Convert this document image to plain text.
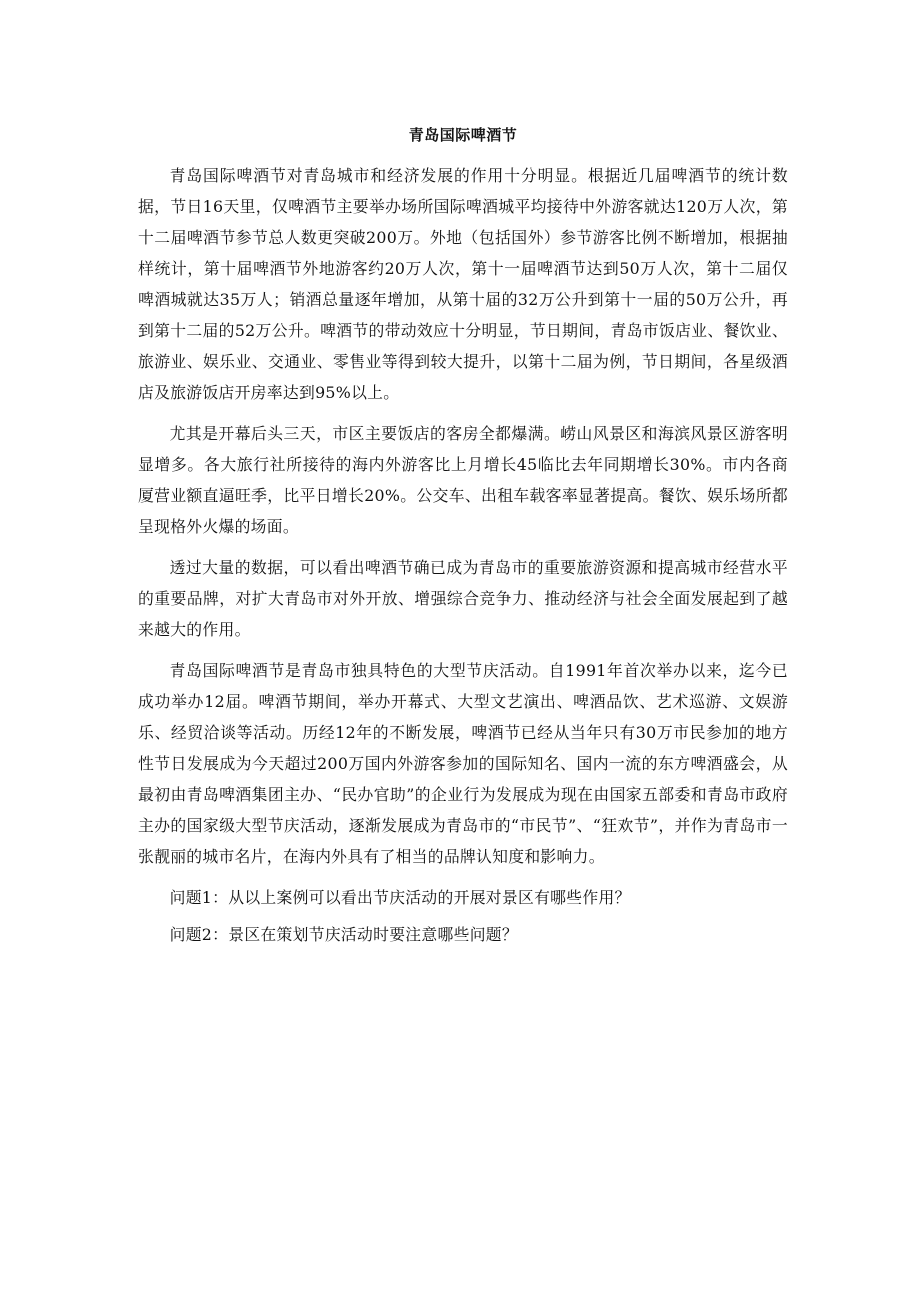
青岛国际啤酒节

青岛国际啤酒节对青岛城市和经济发展的作用十分明显。根据近几届啤酒节的统计数据，节日16天里，仅啤酒节主要举办场所国际啤酒城平均接待中外游客就达120万人次，第十二届啤酒节参节总人数更突破200万。外地（包括国外）参节游客比例不断增加，根据抽样统计，第十届啤酒节外地游客约20万人次，第十一届啤酒节达到50万人次，第十二届仅啤酒城就达35万人；销酒总量逐年增加，从第十届的32万公升到第十一届的50万公升，再到第十二届的52万公升。啤酒节的带动效应十分明显，节日期间，青岛市饭店业、餐饮业、旅游业、娱乐业、交通业、零售业等得到较大提升，以第十二届为例，节日期间，各星级酒店及旅游饭店开房率达到95%以上。

尤其是开幕后头三天，市区主要饭店的客房全都爆满。崂山风景区和海滨风景区游客明显增多。各大旅行社所接待的海内外游客比上月增长45临比去年同期增长30%。市内各商厦营业额直逼旺季，比平日增长20%。公交车、出租车载客率显著提高。餐饮、娱乐场所都呈现格外火爆的场面。

透过大量的数据，可以看出啤酒节确已成为青岛市的重要旅游资源和提高城市经营水平的重要品牌，对扩大青岛市对外开放、增强综合竞争力、推动经济与社会全面发展起到了越来越大的作用。

青岛国际啤酒节是青岛市独具特色的大型节庆活动。自1991年首次举办以来，迄今已成功举办12届。啤酒节期间，举办开幕式、大型文艺演出、啤酒品饮、艺术巡游、文娱游乐、经贸洽谈等活动。历经12年的不断发展，啤酒节已经从当年只有30万市民参加的地方性节日发展成为今天超过200万国内外游客参加的国际知名、国内一流的东方啤酒盛会，从最初由青岛啤酒集团主办、“民办官助”的企业行为发展成为现在由国家五部委和青岛市政府主办的国家级大型节庆活动，逐渐发展成为青岛市的“市民节”、“狂欢节”，并作为青岛市一张靓丽的城市名片，在海内外具有了相当的品牌认知度和影响力。

问题1：从以上案例可以看出节庆活动的开展对景区有哪些作用？

问题2：景区在策划节庆活动时要注意哪些问题？
